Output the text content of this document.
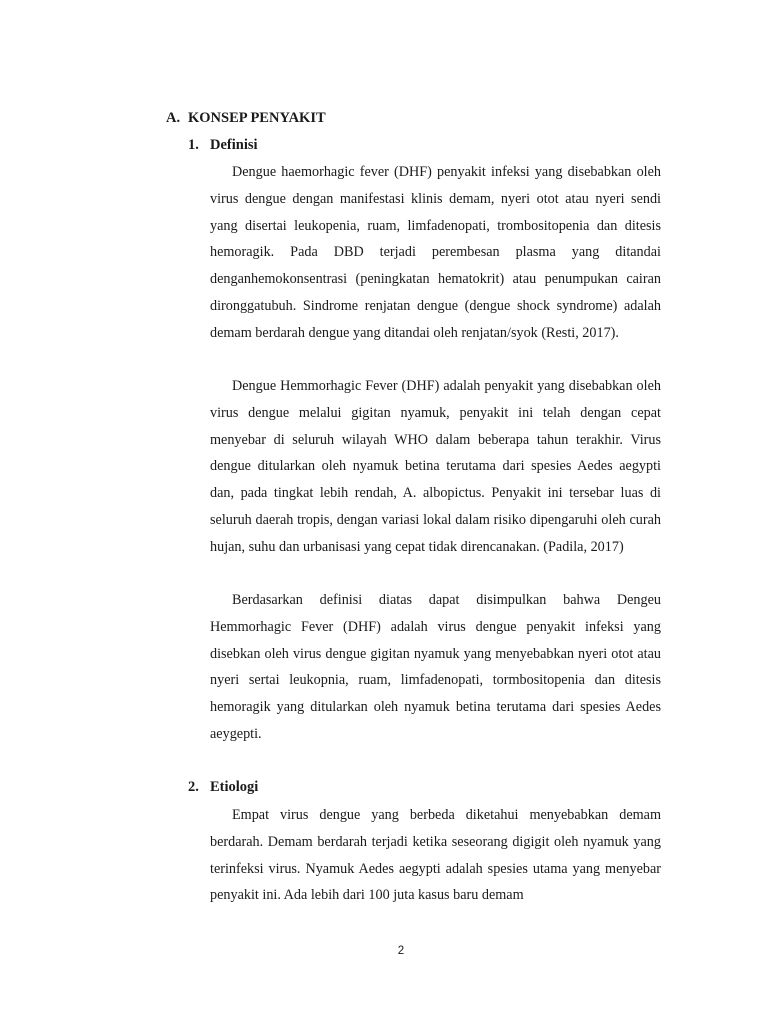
A. KONSEP PENYAKIT
1. Definisi

Dengue haemorhagic fever (DHF) penyakit infeksi yang disebabkan oleh virus dengue dengan manifestasi klinis demam, nyeri otot atau nyeri sendi yang disertai leukopenia, ruam, limfadenopati, trombositopenia dan ditesis hemoragik. Pada DBD terjadi perembesan plasma yang ditandai denganhemokonsentrasi (peningkatan hematokrit) atau penumpukan cairan dironggatubuh. Sindrome renjatan dengue (dengue shock syndrome) adalah demam berdarah dengue yang ditandai oleh renjatan/syok (Resti, 2017).

Dengue Hemmorhagic Fever (DHF) adalah penyakit yang disebabkan oleh virus dengue melalui gigitan nyamuk, penyakit ini telah dengan cepat menyebar di seluruh wilayah WHO dalam beberapa tahun terakhir. Virus dengue ditularkan oleh nyamuk betina terutama dari spesies Aedes aegypti dan, pada tingkat lebih rendah, A. albopictus. Penyakit ini tersebar luas di seluruh daerah tropis, dengan variasi lokal dalam risiko dipengaruhi oleh curah hujan, suhu dan urbanisasi yang cepat tidak direncanakan. (Padila, 2017)

Berdasarkan definisi diatas dapat disimpulkan bahwa Dengeu Hemmorhagic Fever (DHF) adalah virus dengue penyakit infeksi yang disebkan oleh virus dengue gigitan nyamuk yang menyebabkan nyeri otot atau nyeri sertai leukopnia, ruam, limfadenopati, tormbositopenia dan ditesis hemoragik yang ditularkan oleh nyamuk betina terutama dari spesies Aedes aeygepti.

2. Etiologi

Empat virus dengue yang berbeda diketahui menyebabkan demam berdarah. Demam berdarah terjadi ketika seseorang digigit oleh nyamuk yang terinfeksi virus. Nyamuk Aedes aegypti adalah spesies utama yang menyebar penyakit ini. Ada lebih dari 100 juta kasus baru demam

2
